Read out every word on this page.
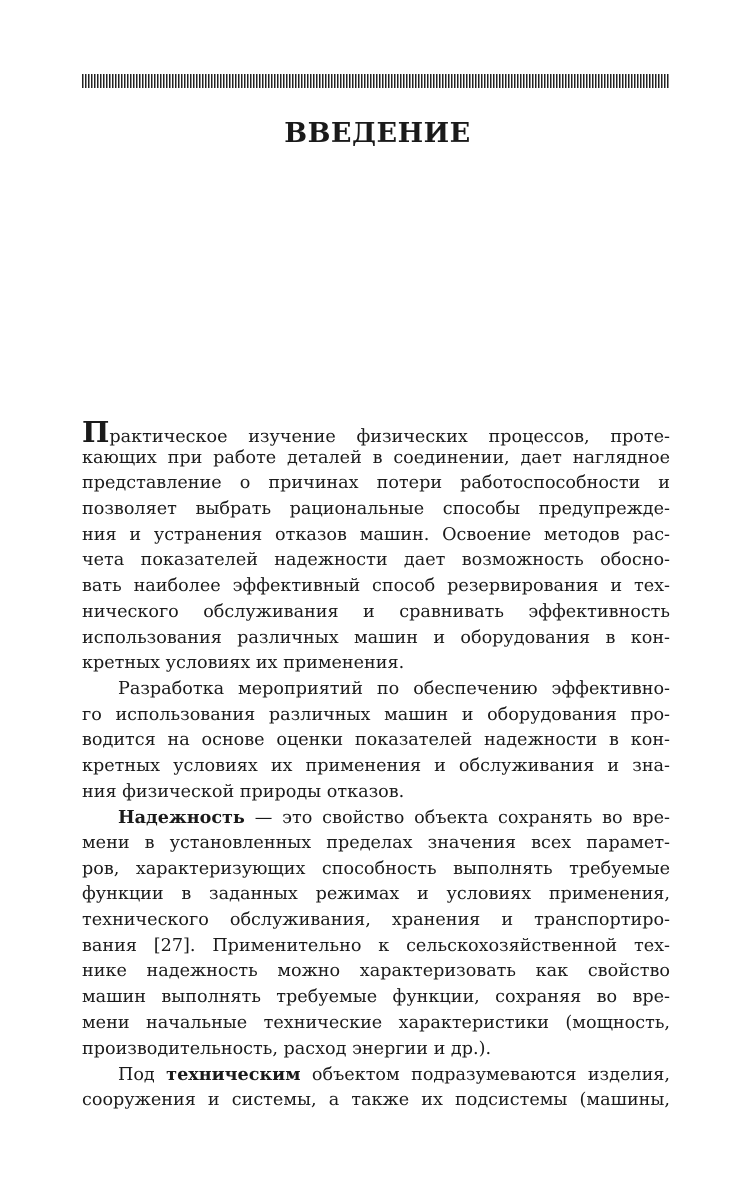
ВВЕДЕНИЕ
Практическое изучение физических процессов, проте-
кающих при работе деталей в соединении, дает наглядное
представление о причинах потери работоспособности и
позволяет выбрать рациональные способы предупрежде-
ния и устранения отказов машин. Освоение методов рас-
чета показателей надежности дает возможность обосно-
вать наиболее эффективный способ резервирования и тех-
нического обслуживания и сравнивать эффективность
использования различных машин и оборудования в кон-
кретных условиях их применения.
Разработка мероприятий по обеспечению эффективно-
го использования различных машин и оборудования про-
водится на основе оценки показателей надежности в кон-
кретных условиях их применения и обслуживания и зна-
ния физической природы отказов.
Надежность — это свойство объекта сохранять во вре-
мени в установленных пределах значения всех парамет-
ров, характеризующих способность выполнять требуемые
функции в заданных режимах и условиях применения,
технического обслуживания, хранения и транспортиро-
вания [27]. Применительно к сельскохозяйственной тех-
нике надежность можно характеризовать как свойство
машин выполнять требуемые функции, сохраняя во вре-
мени начальные технические характеристики (мощность,
производительность, расход энергии и др.).
Под техническим объектом подразумеваются изделия,
сооружения и системы, а также их подсистемы (машины,
